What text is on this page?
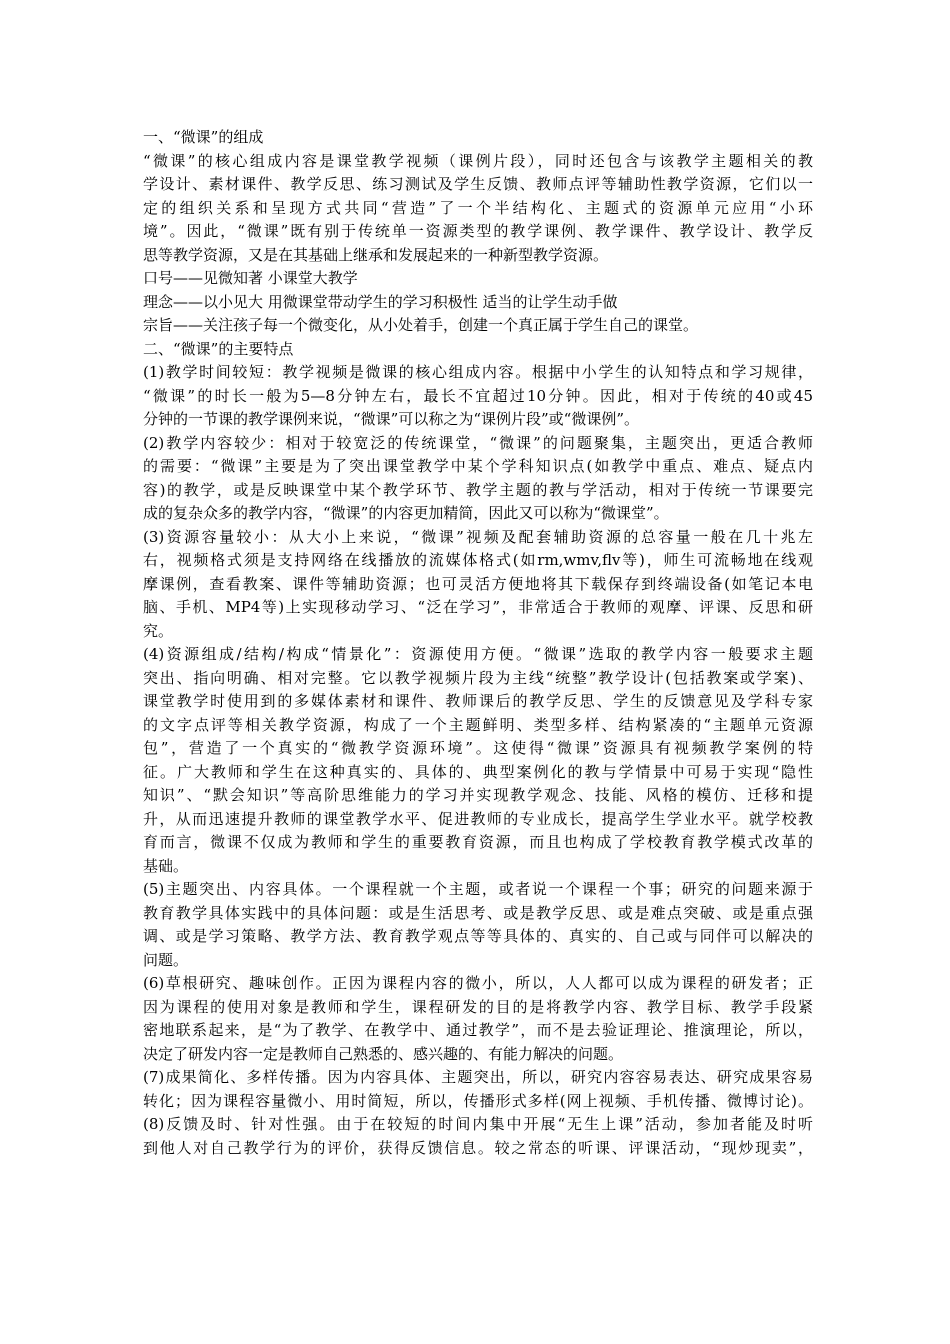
一、“微课”的组成
“微课”的核心组成内容是课堂教学视频（课例片段），同时还包含与该教学主题相关的教
学设计、素材课件、教学反思、练习测试及学生反馈、教师点评等辅助性教学资源，它们以一
定的组织关系和呈现方式共同“营造”了一个半结构化、主题式的资源单元应用“小环
境”。因此，“微课”既有别于传统单一资源类型的教学课例、教学课件、教学设计、教学反
思等教学资源，又是在其基础上继承和发展起来的一种新型教学资源。
口号——见微知著 小课堂大教学
理念——以小见大 用微课堂带动学生的学习积极性 适当的让学生动手做
宗旨——关注孩子每一个微变化，从小处着手，创建一个真正属于学生自己的课堂。
二、“微课”的主要特点
(1)教学时间较短：教学视频是微课的核心组成内容。根据中小学生的认知特点和学习规律，
“微课”的时长一般为5—8分钟左右，最长不宜超过10分钟。因此，相对于传统的40或45
分钟的一节课的教学课例来说，“微课”可以称之为“课例片段”或“微课例”。
(2)教学内容较少：相对于较宽泛的传统课堂，“微课”的问题聚集，主题突出，更适合教师
的需要：“微课”主要是为了突出课堂教学中某个学科知识点(如教学中重点、难点、疑点内
容)的教学，或是反映课堂中某个教学环节、教学主题的教与学活动，相对于传统一节课要完
成的复杂众多的教学内容，“微课”的内容更加精简，因此又可以称为“微课堂”。
(3)资源容量较小：从大小上来说，“微课”视频及配套辅助资源的总容量一般在几十兆左
右，视频格式须是支持网络在线播放的流媒体格式(如rm,wmv,flv等)，师生可流畅地在线观
摩课例，查看教案、课件等辅助资源；也可灵活方便地将其下载保存到终端设备(如笔记本电
脑、手机、MP4等)上实现移动学习、“泛在学习”，非常适合于教师的观摩、评课、反思和研
究。
(4)资源组成/结构/构成“情景化”：资源使用方便。“微课”选取的教学内容一般要求主题
突出、指向明确、相对完整。它以教学视频片段为主线“统整”教学设计(包括教案或学案)、
课堂教学时使用到的多媒体素材和课件、教师课后的教学反思、学生的反馈意见及学科专家
的文字点评等相关教学资源，构成了一个主题鲜明、类型多样、结构紧凑的“主题单元资源
包”，营造了一个真实的“微教学资源环境”。这使得“微课”资源具有视频教学案例的特
征。广大教师和学生在这种真实的、具体的、典型案例化的教与学情景中可易于实现“隐性
知识”、“默会知识”等高阶思维能力的学习并实现教学观念、技能、风格的模仿、迁移和提
升，从而迅速提升教师的课堂教学水平、促进教师的专业成长，提高学生学业水平。就学校教
育而言，微课不仅成为教师和学生的重要教育资源，而且也构成了学校教育教学模式改革的
基础。
(5)主题突出、内容具体。一个课程就一个主题，或者说一个课程一个事；研究的问题来源于
教育教学具体实践中的具体问题：或是生活思考、或是教学反思、或是难点突破、或是重点强
调、或是学习策略、教学方法、教育教学观点等等具体的、真实的、自己或与同伴可以解决的
问题。
(6)草根研究、趣味创作。正因为课程内容的微小，所以，人人都可以成为课程的研发者；正
因为课程的使用对象是教师和学生，课程研发的目的是将教学内容、教学目标、教学手段紧
密地联系起来，是“为了教学、在教学中、通过教学”，而不是去验证理论、推演理论，所以，
决定了研发内容一定是教师自己熟悉的、感兴趣的、有能力解决的问题。
(7)成果简化、多样传播。因为内容具体、主题突出，所以，研究内容容易表达、研究成果容易
转化；因为课程容量微小、用时简短，所以，传播形式多样(网上视频、手机传播、微博讨论)。
(8)反馈及时、针对性强。由于在较短的时间内集中开展“无生上课”活动，参加者能及时听
到他人对自己教学行为的评价，获得反馈信息。较之常态的听课、评课活动，“现炒现卖”，
